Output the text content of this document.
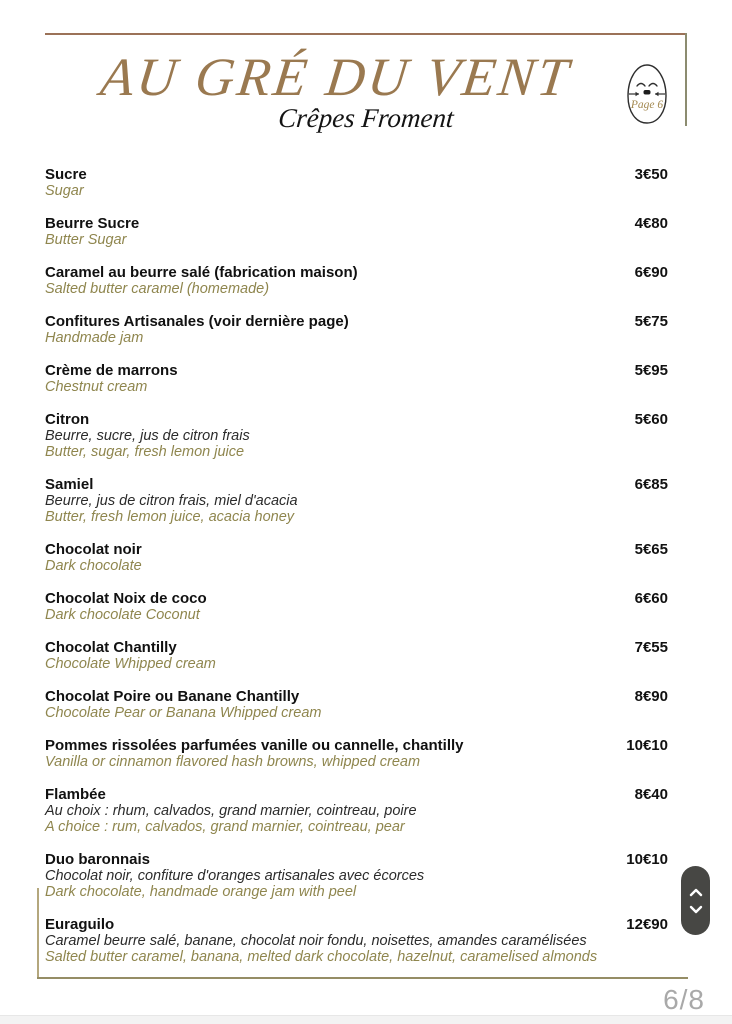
AU GRÉ DU VENT
Crêpes Froment	Page 6
Sucre
Sugar
3€50
Beurre Sucre
Butter Sugar
4€80
Caramel au beurre salé (fabrication maison)
Salted butter caramel (homemade)
6€90
Confitures Artisanales (voir dernière page)
Handmade jam
5€75
Crème de marrons
Chestnut cream
5€95
Citron
Beurre, sucre, jus de citron frais
Butter, sugar, fresh lemon juice
5€60
Samiel
Beurre, jus de citron frais, miel d'acacia
Butter, fresh lemon juice, acacia honey
6€85
Chocolat noir
Dark chocolate
5€65
Chocolat Noix de coco
Dark chocolate Coconut
6€60
Chocolat Chantilly
Chocolate Whipped cream
7€55
Chocolat Poire ou Banane Chantilly
Chocolate Pear or Banana Whipped cream
8€90
Pommes rissolées parfumées vanille ou cannelle, chantilly
Vanilla or cinnamon flavored hash browns, whipped cream
10€10
Flambée
Au choix : rhum, calvados, grand marnier, cointreau, poire
A choice : rum, calvados, grand marnier, cointreau, pear
8€40
Duo baronnais
Chocolat noir, confiture d'oranges artisanales avec écorces
Dark chocolate, handmade orange jam with peel
10€10
Euraguilo
Caramel beurre salé, banane, chocolat noir fondu, noisettes, amandes caramélisées
Salted butter caramel, banana, melted dark chocolate, hazelnut, caramelised almonds
12€90
6/8
